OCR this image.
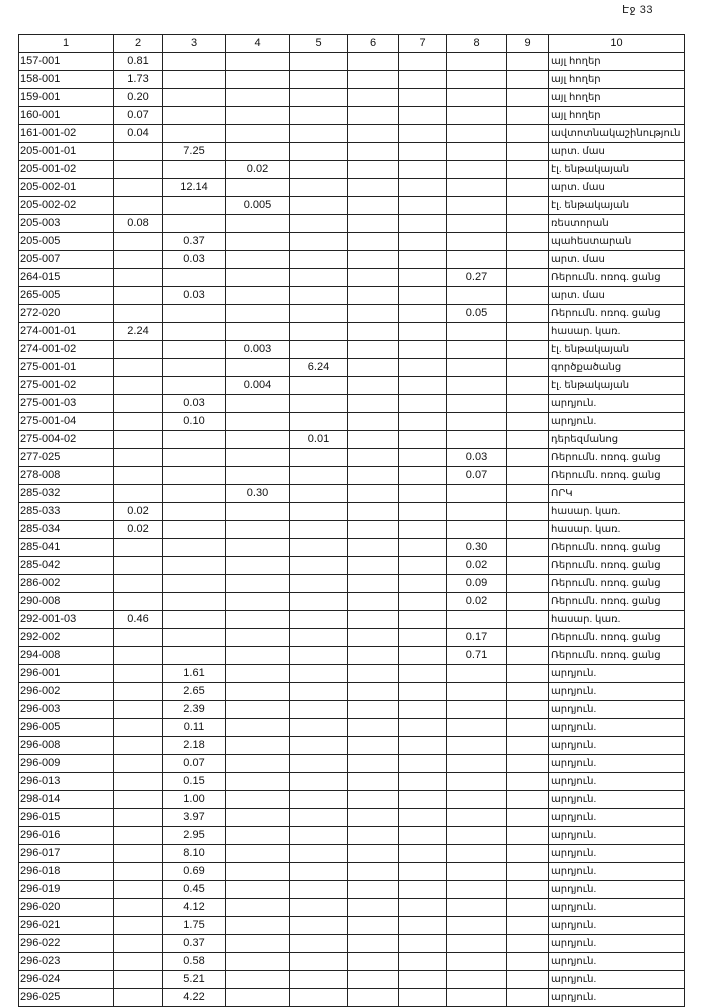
Էջ 33
1	2	3	4	5	6	7	8	9	10
157-001	0.81								այլ հողեր
158-001	1.73								այլ հողեր
159-001	0.20								այլ հողեր
160-001	0.07								այլ հողեր
161-001-02	0.04								ավտոտնակաշինություն
205-001-01		7.25							արտ. մաս
205-001-02			0.02						էլ. ենթակայան
205-002-01		12.14							արտ. մաս
205-002-02			0.005						էլ. ենթակայան
205-003	0.08								ռեստորան
205-005		0.37							պահեստարան
205-007		0.03							արտ. մաս
264-015							0.27		Ռերումն. ոռոգ. ցանց
265-005		0.03							արտ. մաս
272-020							0.05		Ռերումն. ոռոգ. ցանց
274-001-01	2.24								հասար. կառ.
274-001-02			0.003						էլ. ենթակայան
275-001-01				6.24					գործքածանց
275-001-02			0.004						էլ. ենթակայան
275-001-03		0.03							արդյուն.
275-001-04		0.10							արդյուն.
275-004-02				0.01					դերեզմանոց
277-025							0.03		Ռերումն. ոռոգ. ցանց
278-008							0.07		Ռերումն. ոռոգ. ցանց
285-032			0.30						ՈՐԿ
285-033	0.02								հասար. կառ.
285-034	0.02								հասար. կառ.
285-041							0.30		Ռերումն. ոռոգ. ցանց
285-042							0.02		Ռերումն. ոռոգ. ցանց
286-002							0.09		Ռերումն. ոռոգ. ցանց
290-008							0.02		Ռերումն. ոռոգ. ցանց
292-001-03	0.46								հասար. կառ.
292-002							0.17		Ռերումն. ոռոգ. ցանց
294-008							0.71		Ռերումն. ոռոգ. ցանց
296-001		1.61							արդյուն.
296-002		2.65							արդյուն.
296-003		2.39							արդյուն.
296-005		0.11							արդյուն.
296-008		2.18							արդյուն.
296-009		0.07							արդյուն.
296-013		0.15							արդյուն.
298-014		1.00							արդյուն.
296-015		3.97							արդյուն.
296-016		2.95							արդյուն.
296-017		8.10							արդյուն.
296-018		0.69							արդյուն.
296-019		0.45							արդյուն.
296-020		4.12							արդյուն.
296-021		1.75							արդյուն.
296-022		0.37							արդյուն.
296-023		0.58							արդյուն.
296-024		5.21							արդյուն.
296-025		4.22							արդյուն.
